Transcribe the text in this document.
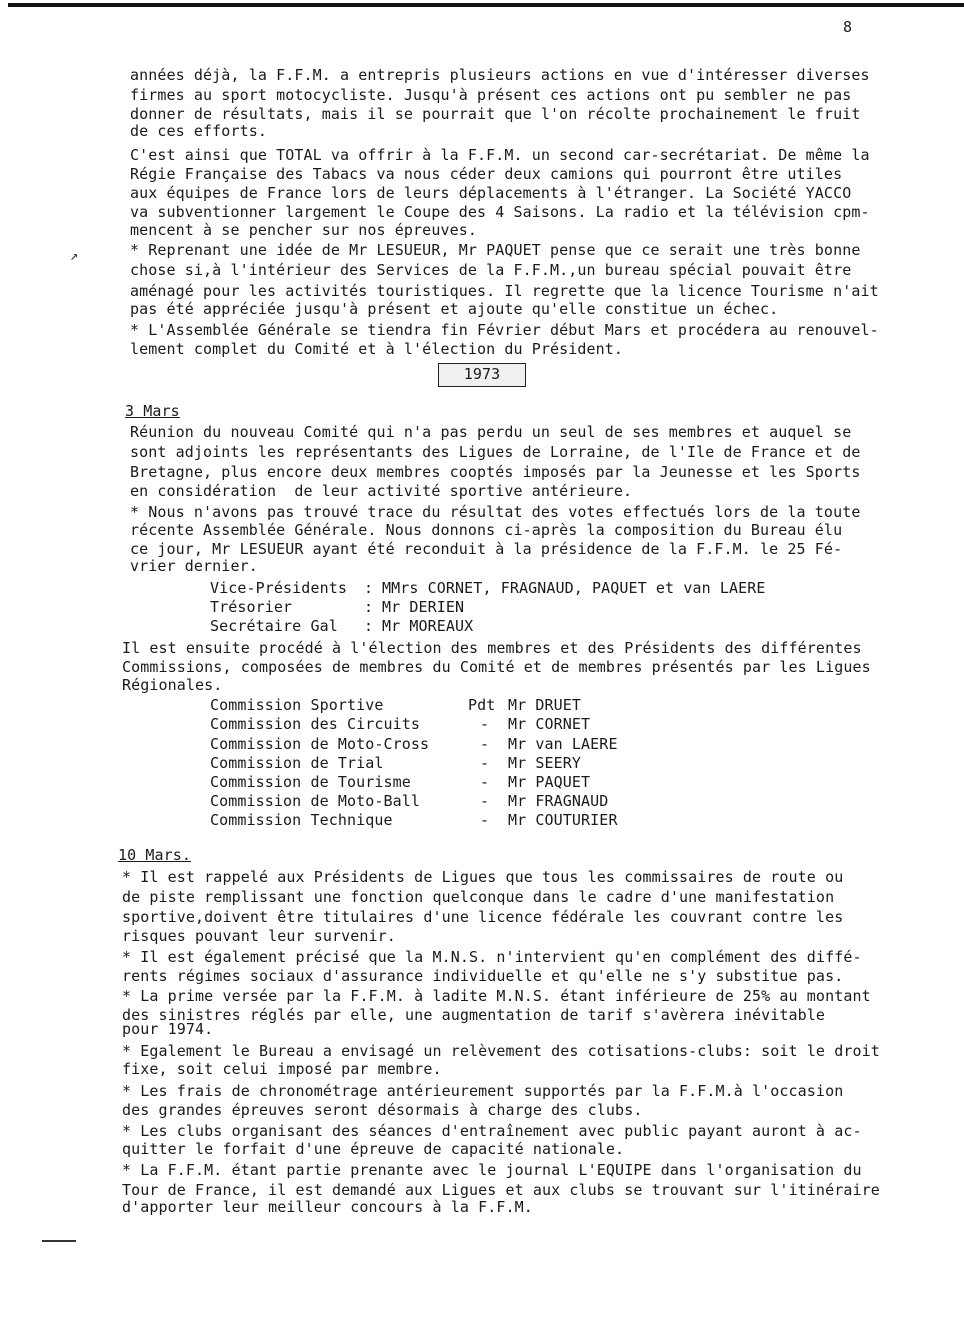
8
↗
années déjà, la F.F.M. a entrepris plusieurs actions en vue d'intéresser diverses
firmes au sport motocycliste. Jusqu'à présent ces actions ont pu sembler ne pas
donner de résultats, mais il se pourrait que l'on récolte prochainement le fruit
de ces efforts.
C'est ainsi que TOTAL va offrir à la F.F.M. un second car-secrétariat. De même la
Régie Française des Tabacs va nous céder deux camions qui pourront être utiles
aux équipes de France lors de leurs déplacements à l'étranger. La Société YACCO
va subventionner largement le Coupe des 4 Saisons. La radio et la télévision cpm-
mencent à se pencher sur nos épreuves.
* Reprenant une idée de Mr LESUEUR, Mr PAQUET pense que ce serait une très bonne
chose si,à l'intérieur des Services de la F.F.M.,un bureau spécial pouvait être
aménagé pour les activités touristiques. Il regrette que la licence Tourisme n'ait
pas été appréciée jusqu'à présent et ajoute qu'elle constitue un échec.
* L'Assemblée Générale se tiendra fin Février début Mars et procédera au renouvel-
lement complet du Comité et à l'élection du Président.
1973
3 Mars
Réunion du nouveau Comité qui n'a pas perdu un seul de ses membres et auquel se
sont adjoints les représentants des Ligues de Lorraine, de l'Ile de France et de
Bretagne, plus encore deux membres cooptés imposés par la Jeunesse et les Sports
en considération  de leur activité sportive antérieure.
* Nous n'avons pas trouvé trace du résultat des votes effectués lors de la toute
récente Assemblée Générale. Nous donnons ci-après la composition du Bureau élu
ce jour, Mr LESUEUR ayant été reconduit à la présidence de la F.F.M. le 25 Fé-
vrier dernier.
Vice-Présidents : MMrs CORNET, FRAGNAUD, PAQUET et van LAERE
Trésorier	: Mr DERIEN
Secrétaire Gal : Mr MOREAUX
Il est ensuite procédé à l'élection des membres et des Présidents des différentes
Commissions, composées de membres du Comité et de membres présentés par les Ligues
Régionales.
Commission Sportive	Pdt Mr DRUET
Commission des Circuits	- Mr CORNET
Commission de Moto-Cross	- Mr van LAERE
Commission de Trial	- Mr SEERY
Commission de Tourisme	- Mr PAQUET
Commission de Moto-Ball	- Mr FRAGNAUD
Commission Technique	- Mr COUTURIER
10 Mars.
* Il est rappelé aux Présidents de Ligues que tous les commissaires de route ou
de piste remplissant une fonction quelconque dans le cadre d'une manifestation
sportive,doivent être titulaires d'une licence fédérale les couvrant contre les
risques pouvant leur survenir.
* Il est également précisé que la M.N.S. n'intervient qu'en complément des diffé-
rents régimes sociaux d'assurance individuelle et qu'elle ne s'y substitue pas.
* La prime versée par la F.F.M. à ladite M.N.S. étant inférieure de 25% au montant
des sinistres réglés par elle, une augmentation de tarif s'avèrera inévitable
pour 1974.
* Egalement le Bureau a envisagé un relèvement des cotisations-clubs: soit le droit
fixe, soit celui imposé par membre.
* Les frais de chronométrage antérieurement supportés par la F.F.M.à l'occasion
des grandes épreuves seront désormais à charge des clubs.
* Les clubs organisant des séances d'entraînement avec public payant auront à ac-
quitter le forfait d'une épreuve de capacité nationale.
* La F.F.M. étant partie prenante avec le journal L'EQUIPE dans l'organisation du
Tour de France, il est demandé aux Ligues et aux clubs se trouvant sur l'itinéraire
d'apporter leur meilleur concours à la F.F.M.
